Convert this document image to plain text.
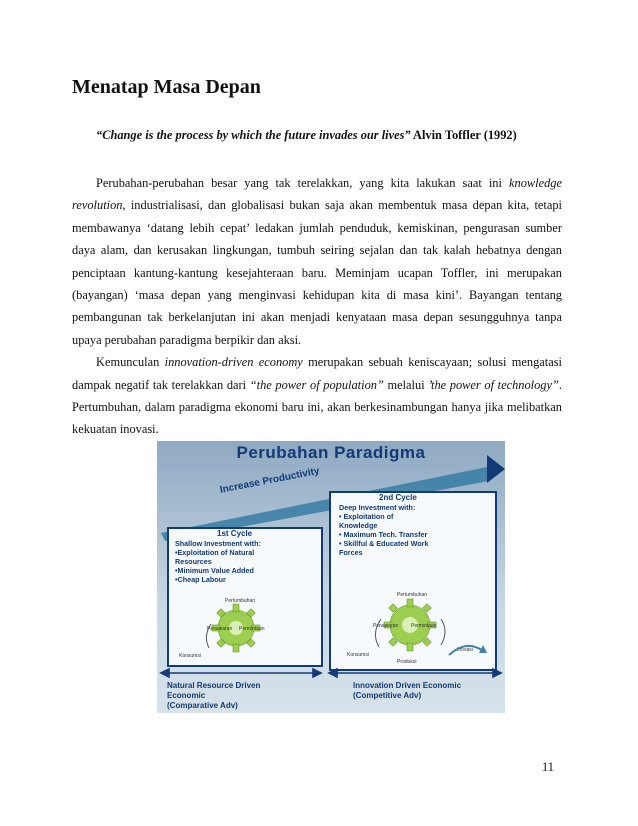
Menatap Masa Depan
“Change is the process by which the future invades our lives” Alvin Toffler (1992)

Perubahan-perubahan besar yang tak terelakkan, yang kita lakukan saat ini knowledge revolution, industrialisasi, dan globalisasi bukan saja akan membentuk masa depan kita, tetapi membawanya ‘datang lebih cepat’ ledakan jumlah penduduk, kemiskinan, pengurasan sumber daya alam, dan kerusakan lingkungan, tumbuh seiring sejalan dan tak kalah hebatnya dengan penciptaan kantung-kantung kesejahteraan baru. Meminjam ucapan Toffler, ini merupakan (bayangan) ‘masa depan yang menginvasi kehidupan kita di masa kini’. Bayangan tentang pembangunan tak berkelanjutan ini akan menjadi kenyataan masa depan sesungguhnya tanpa upaya perubahan paradigma berpikir dan aksi.

Kemunculan innovation-driven economy merupakan sebuah keniscayaan; solusi mengatasi dampak negatif tak terelakkan dari “the power of population” melalui ’the power of technology”. Pertumbuhan, dalam paradigma ekonomi baru ini, akan berkesinambungan hanya jika melibatkan kekuatan inovasi.

Perubahan Paradigma
Increase Productivity
1st Cycle
Shallow Investment with:
•Exploitation of Natural
Resources
•Minimum Value Added
•Cheap Labour
2nd Cycle
Deep Investment with:
• Exploitation of
Knowledge
• Maximum Tech. Transfer
• Skillful & Educated Work
Forces
Pertumbuhan
Penawaran Permintaan
Konsumsi
Pertumbuhan
Penawaran	Permintaan
Konsumsi
Produksi
Inovasi
Natural Resource Driven
Economic
(Comparative Adv)
Innovation Driven Economic
(Competitive Adv)
11
